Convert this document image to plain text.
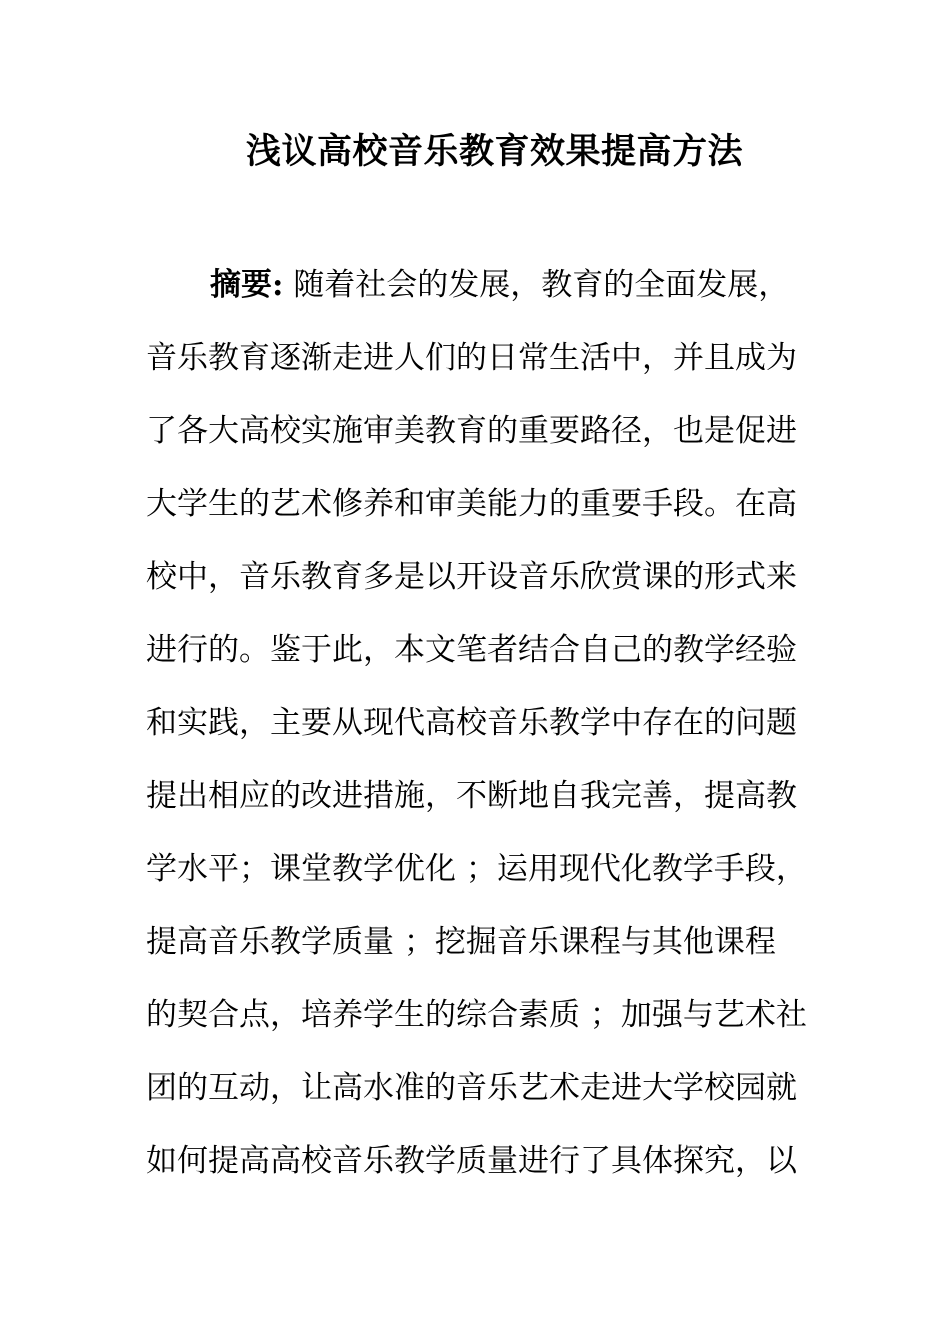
浅议高校音乐教育效果提高方法
摘要: 随着社会的发展，教育的全面发展，
音乐教育逐渐走进人们的日常生活中，并且成为
了各大高校实施审美教育的重要路径，也是促进
大学生的艺术修养和审美能力的重要手段。在高
校中，音乐教育多是以开设音乐欣赏课的形式来
进行的。鉴于此，本文笔者结合自己的教学经验
和实践，主要从现代高校音乐教学中存在的问题
提出相应的改进措施，不断地自我完善，提高教
学水平；课堂教学优化 ；运用现代化教学手段，
提高音乐教学质量 ；挖掘音乐课程与其他课程
的契合点，培养学生的综合素质 ；加强与艺术社
团的互动，让高水准的音乐艺术走进大学校园就
如何提高高校音乐教学质量进行了具体探究，以
